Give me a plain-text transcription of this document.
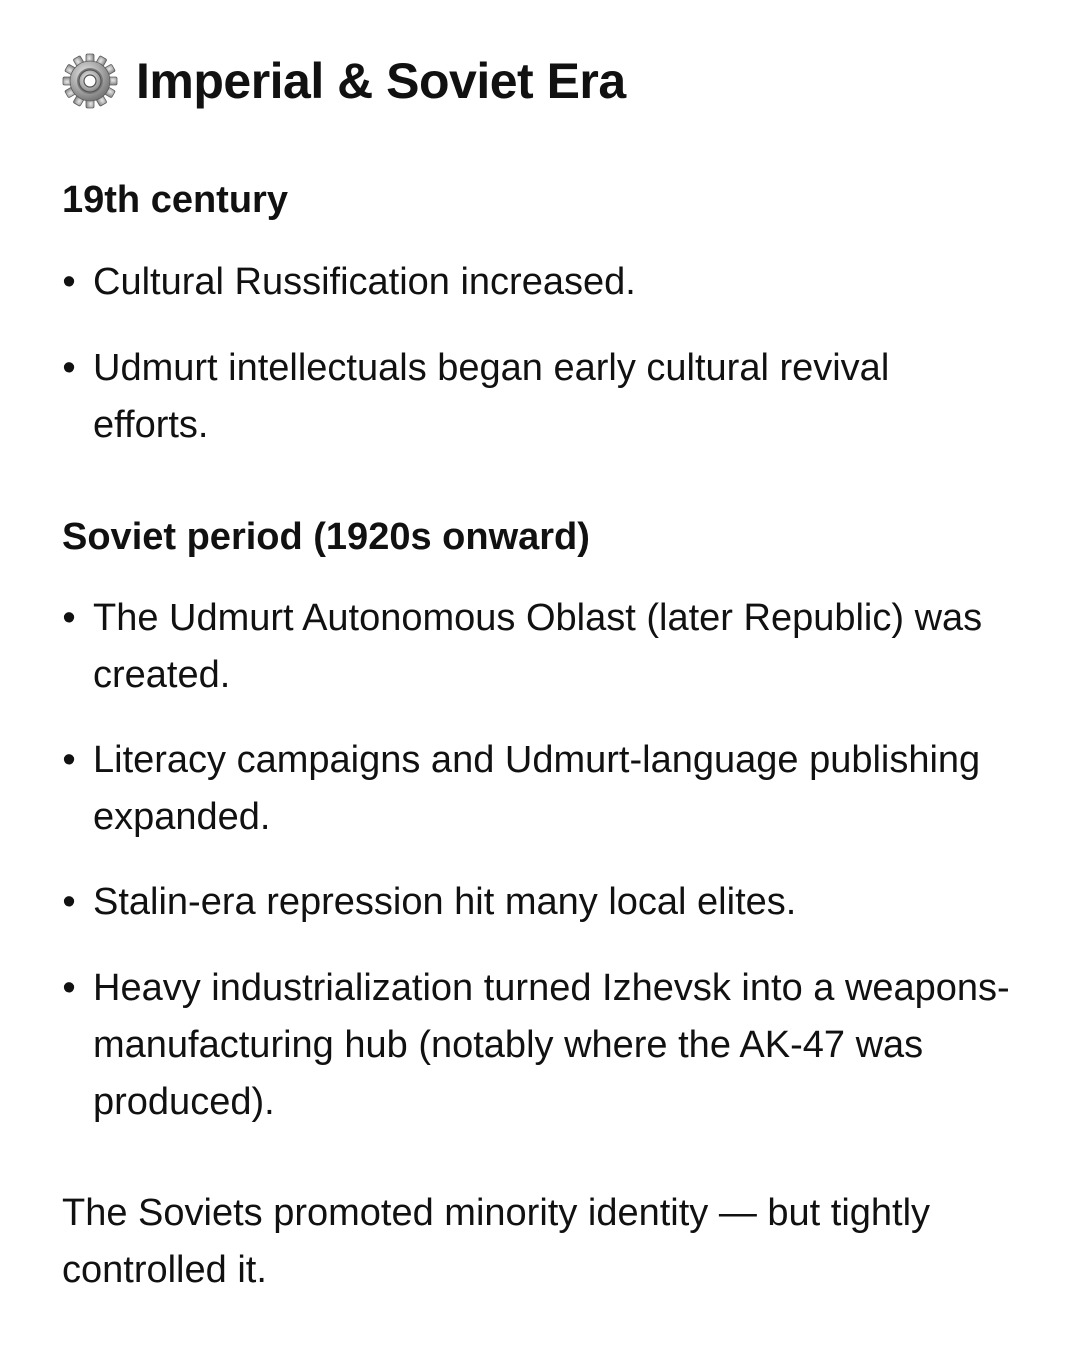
Imperial & Soviet Era
19th century
• Cultural Russification increased.
• Udmurt intellectuals began early cultural revival efforts.
Soviet period (1920s onward)
• The Udmurt Autonomous Oblast (later Republic) was created.
• Literacy campaigns and Udmurt-language publishing expanded.
• Stalin-era repression hit many local elites.
• Heavy industrialization turned Izhevsk into a weapons-manufacturing hub (notably where the AK-47 was produced).
The Soviets promoted minority identity — but tightly controlled it.
